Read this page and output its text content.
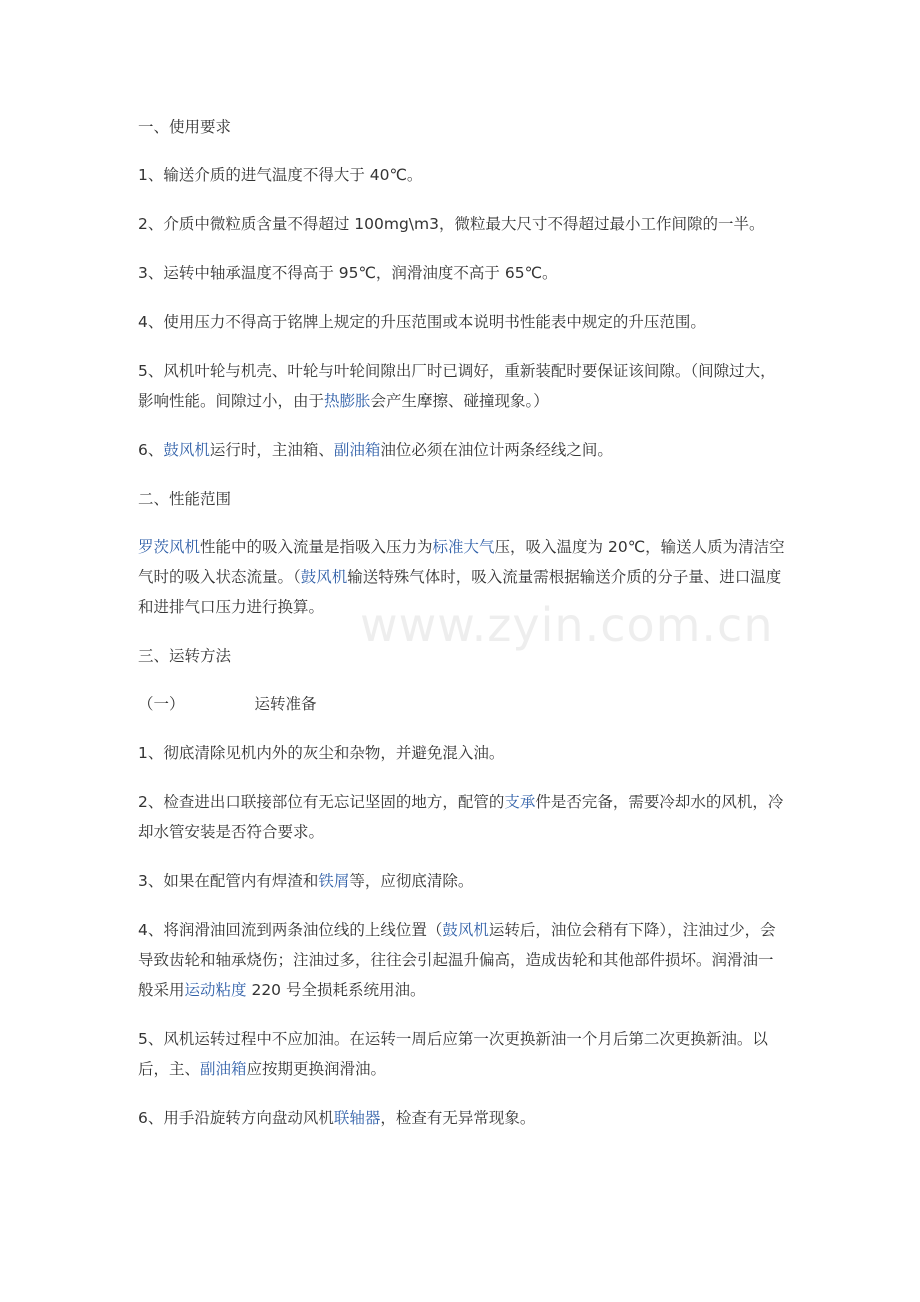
www.zyin.com.cn

一、使用要求

1、输送介质的进气温度不得大于 40℃。

2、介质中微粒质含量不得超过 100mg\m3，微粒最大尺寸不得超过最小工作间隙的一半。

3、运转中轴承温度不得高于 95℃，润滑油度不高于 65℃。

4、使用压力不得高于铭牌上规定的升压范围或本说明书性能表中规定的升压范围。

5、风机叶轮与机壳、叶轮与叶轮间隙出厂时已调好，重新装配时要保证该间隙。（间隙过大，影响性能。间隙过小，由于热膨胀会产生摩擦、碰撞现象。）

6、鼓风机运行时，主油箱、副油箱油位必须在油位计两条经线之间。

二、性能范围

罗茨风机性能中的吸入流量是指吸入压力为标准大气压，吸入温度为 20℃，输送人质为清洁空气时的吸入状态流量。（鼓风机输送特殊气体时，吸入流量需根据输送介质的分子量、进口温度和进排气口压力进行换算。

三、运转方法

（一）	运转准备

1、彻底清除见机内外的灰尘和杂物，并避免混入油。

2、检查进出口联接部位有无忘记坚固的地方，配管的支承件是否完备，需要冷却水的风机，冷却水管安装是否符合要求。

3、如果在配管内有焊渣和铁屑等，应彻底清除。

4、将润滑油回流到两条油位线的上线位置（鼓风机运转后，油位会稍有下降），注油过少，会导致齿轮和轴承烧伤；注油过多，往往会引起温升偏高，造成齿轮和其他部件损坏。润滑油一般采用运动粘度 220 号全损耗系统用油。

5、风机运转过程中不应加油。在运转一周后应第一次更换新油一个月后第二次更换新油。以后，主、副油箱应按期更换润滑油。

6、用手沿旋转方向盘动风机联轴器，检查有无异常现象。
